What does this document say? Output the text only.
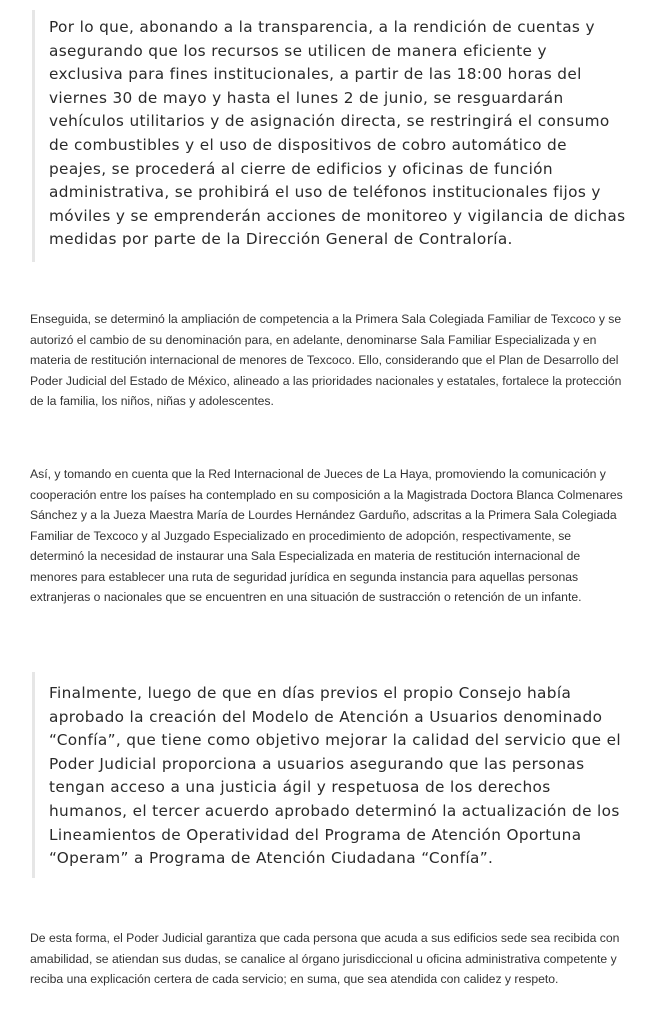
Por lo que, abonando a la transparencia, a la rendición de cuentas y asegurando que los recursos se utilicen de manera eficiente y exclusiva para fines institucionales, a partir de las 18:00 horas del viernes 30 de mayo y hasta el lunes 2 de junio, se resguardarán vehículos utilitarios y de asignación directa, se restringirá el consumo de combustibles y el uso de dispositivos de cobro automático de peajes, se procederá al cierre de edificios y oficinas de función administrativa, se prohibirá el uso de teléfonos institucionales fijos y móviles y se emprenderán acciones de monitoreo y vigilancia de dichas medidas por parte de la Dirección General de Contraloría.

Enseguida, se determinó la ampliación de competencia a la Primera Sala Colegiada Familiar de Texcoco y se autorizó el cambio de su denominación para, en adelante, denominarse Sala Familiar Especializada y en materia de restitución internacional de menores de Texcoco. Ello, considerando que el Plan de Desarrollo del Poder Judicial del Estado de México, alineado a las prioridades nacionales y estatales, fortalece la protección de la familia, los niños, niñas y adolescentes.

Así, y tomando en cuenta que la Red Internacional de Jueces de La Haya, promoviendo la comunicación y cooperación entre los países ha contemplado en su composición a la Magistrada Doctora Blanca Colmenares Sánchez y a la Jueza Maestra María de Lourdes Hernández Garduño, adscritas a la Primera Sala Colegiada Familiar de Texcoco y al Juzgado Especializado en procedimiento de adopción, respectivamente, se determinó la necesidad de instaurar una Sala Especializada en materia de restitución internacional de menores para establecer una ruta de seguridad jurídica en segunda instancia para aquellas personas extranjeras o nacionales que se encuentren en una situación de sustracción o retención de un infante.

Finalmente, luego de que en días previos el propio Consejo había aprobado la creación del Modelo de Atención a Usuarios denominado “Confía”, que tiene como objetivo mejorar la calidad del servicio que el Poder Judicial proporciona a usuarios asegurando que las personas tengan acceso a una justicia ágil y respetuosa de los derechos humanos, el tercer acuerdo aprobado determinó la actualización de los Lineamientos de Operatividad del Programa de Atención Oportuna “Operam” a Programa de Atención Ciudadana “Confía”.

De esta forma, el Poder Judicial garantiza que cada persona que acuda a sus edificios sede sea recibida con amabilidad, se atiendan sus dudas, se canalice al órgano jurisdiccional u oficina administrativa competente y reciba una explicación certera de cada servicio; en suma, que sea atendida con calidez y respeto.
